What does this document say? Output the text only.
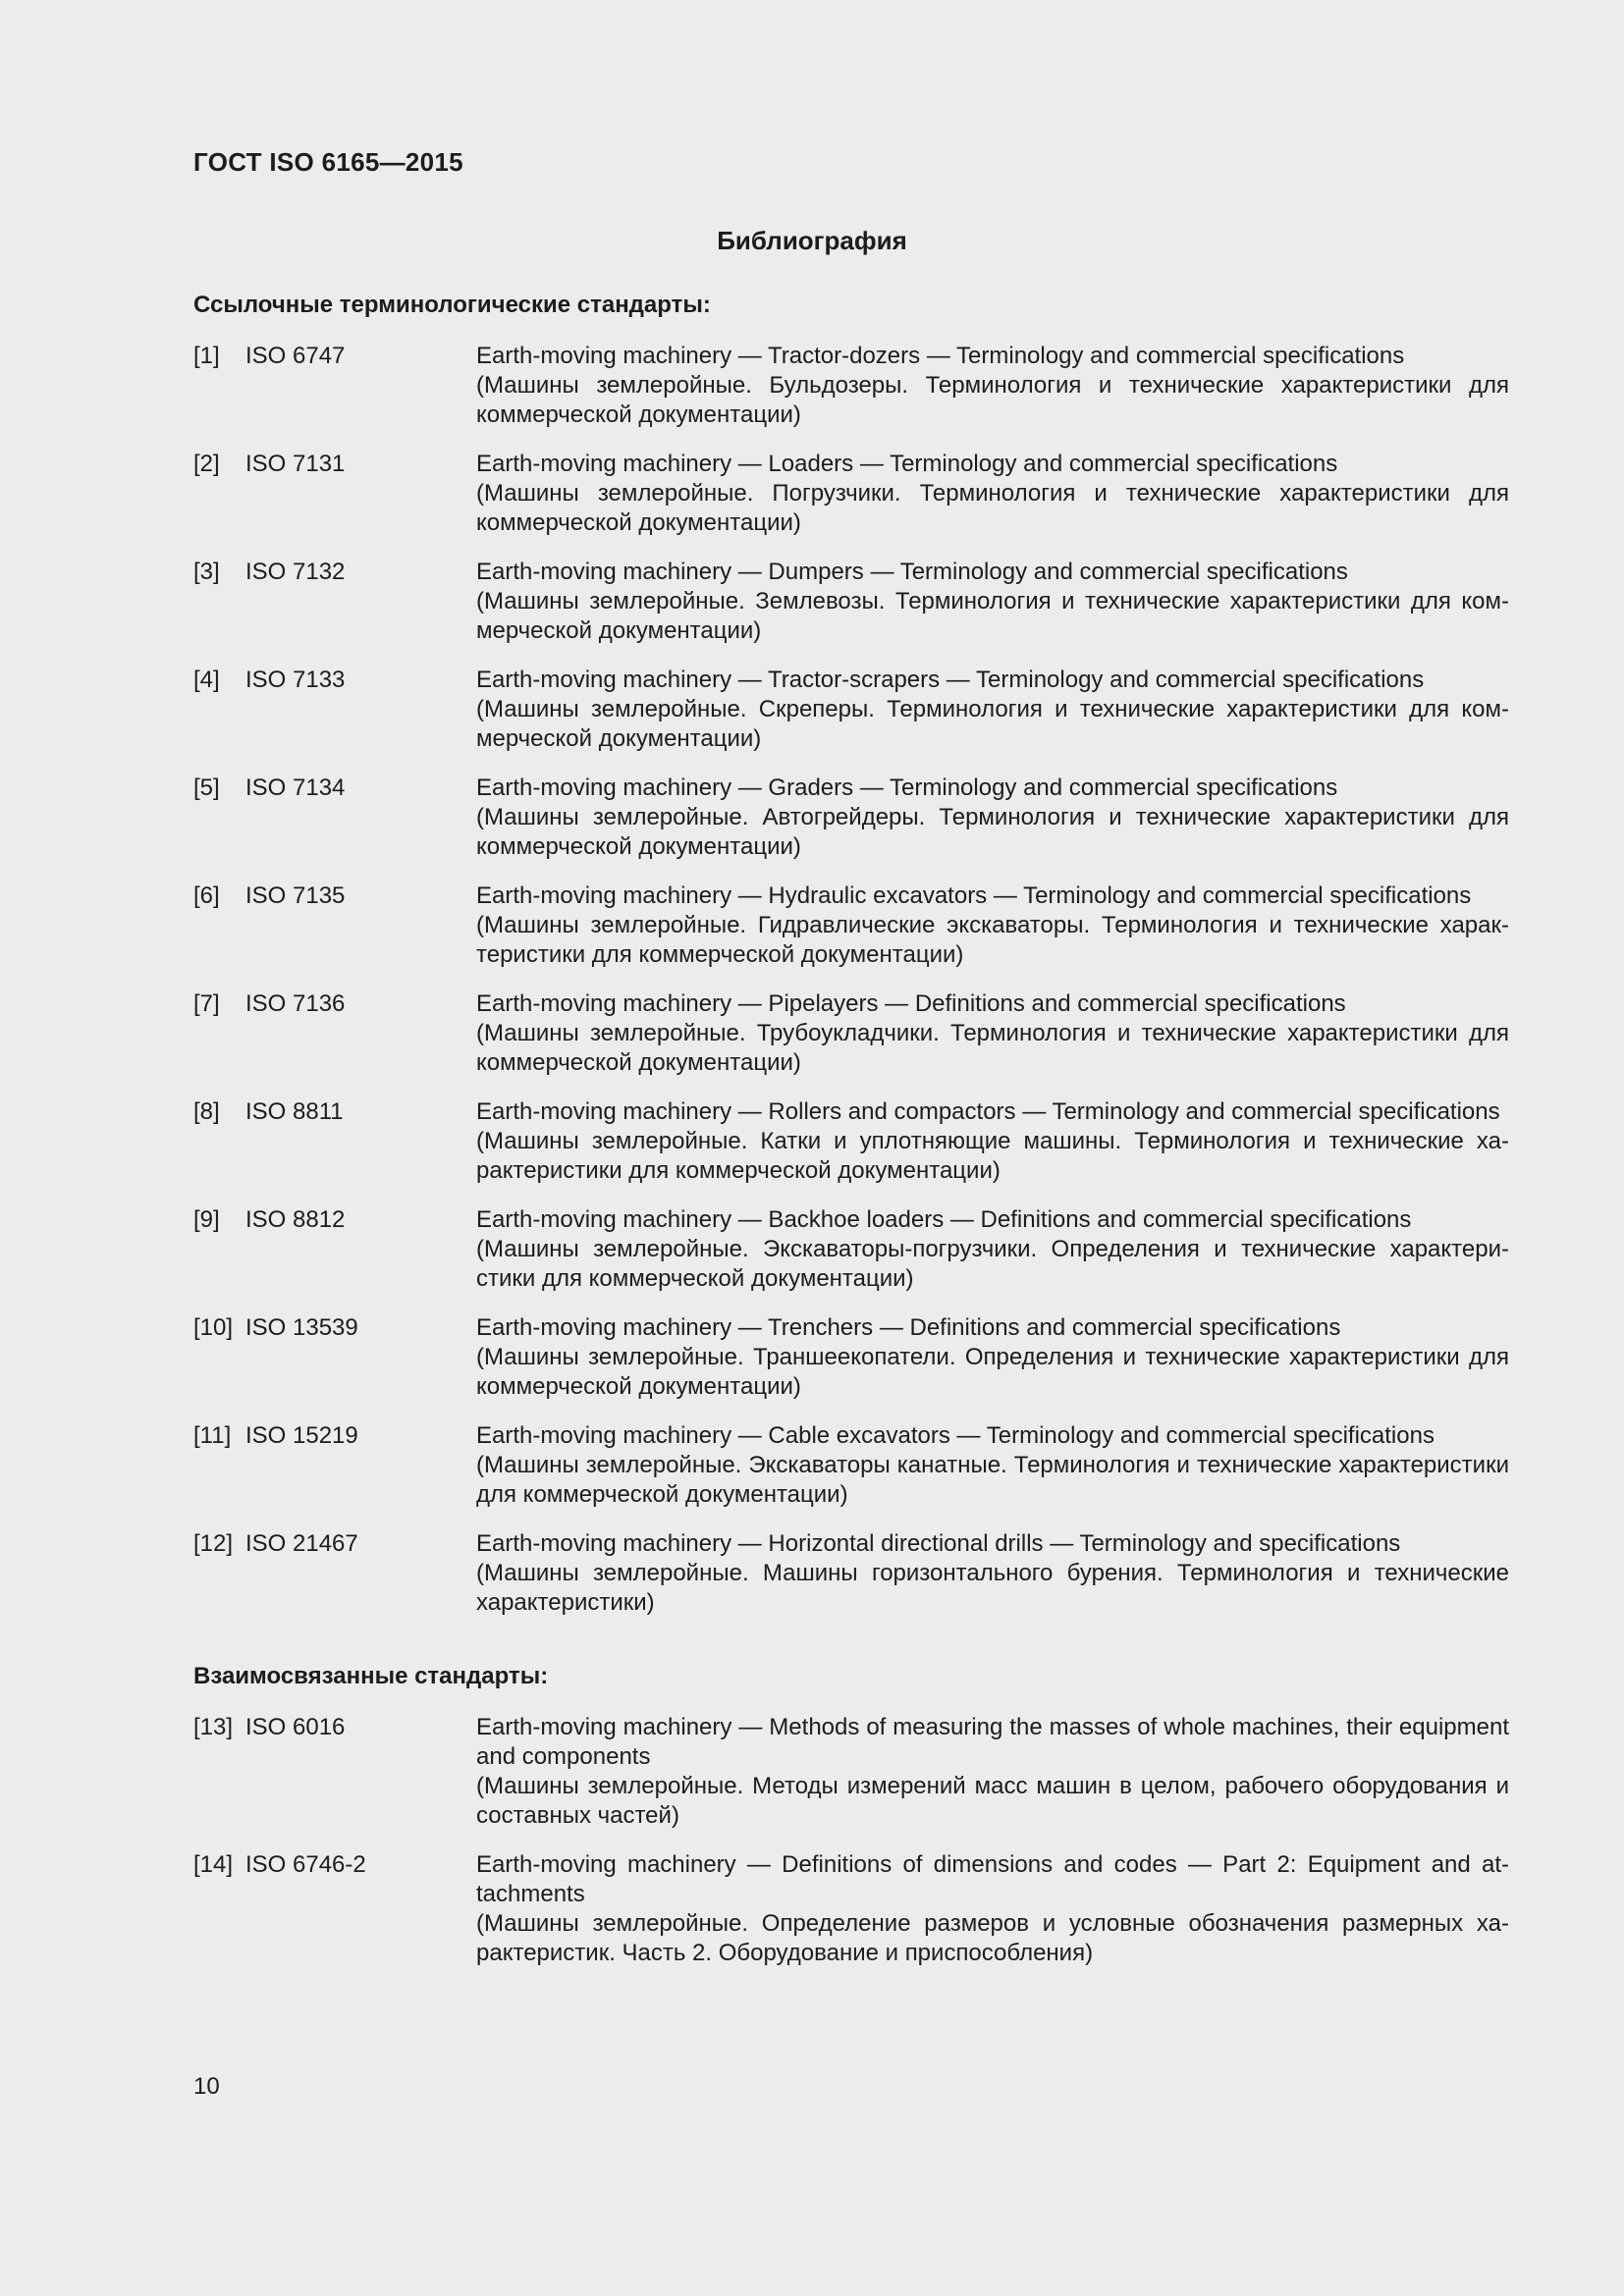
ГОСТ ISO 6165—2015
Библиография
Ссылочные терминологические стандарты:
[1] ISO 6747	Earth-moving machinery — Tractor-dozers — Terminology and commercial specifications
(Машины землеройные. Бульдозеры. Терминология и технические характеристики для коммерческой документации)
[2] ISO 7131	Earth-moving machinery — Loaders — Terminology and commercial specifications
(Машины землеройные. Погрузчики. Терминология и технические характеристики для коммерческой документации)
[3] ISO 7132	Earth-moving machinery — Dumpers — Terminology and commercial specifications
(Машины землеройные. Землевозы. Терминология и технические характеристики для коммерческой документации)
[4] ISO 7133	Earth-moving machinery — Tractor-scrapers — Terminology and commercial specifications
(Машины землеройные. Скреперы. Терминология и технические характеристики для коммерческой документации)
[5] ISO 7134	Earth-moving machinery — Graders — Terminology and commercial specifications
(Машины землеройные. Автогрейдеры. Терминология и технические характеристики для коммерческой документации)
[6] ISO 7135	Earth-moving machinery — Hydraulic excavators — Terminology and commercial specifications
(Машины землеройные. Гидравлические экскаваторы. Терминология и технические характеристики для коммерческой документации)
[7] ISO 7136	Earth-moving machinery — Pipelayers — Definitions and commercial specifications
(Машины землеройные. Трубоукладчики. Терминология и технические характеристики для коммерческой документации)
[8] ISO 8811	Earth-moving machinery — Rollers and compactors — Terminology and commercial specifications
(Машины землеройные. Катки и уплотняющие машины. Терминология и технические характеристики для коммерческой документации)
[9] ISO 8812	Earth-moving machinery — Backhoe loaders — Definitions and commercial specifications
(Машины землеройные. Экскаваторы-погрузчики. Определения и технические характеристики для коммерческой документации)
[10] ISO 13539	Earth-moving machinery — Trenchers — Definitions and commercial specifications
(Машины землеройные. Траншеекопатели. Определения и технические характеристики для коммерческой документации)
[11] ISO 15219	Earth-moving machinery — Cable excavators — Terminology and commercial specifications
(Машины землеройные. Экскаваторы канатные. Терминология и технические характеристики для коммерческой документации)
[12] ISO 21467	Earth-moving machinery — Horizontal directional drills — Terminology and specifications
(Машины землеройные. Машины горизонтального бурения. Терминология и технические характеристики)
Взаимосвязанные стандарты:
[13] ISO 6016	Earth-moving machinery — Methods of measuring the masses of whole machines, their equipment and components
(Машины землеройные. Методы измерений масс машин в целом, рабочего оборудования и составных частей)
[14] ISO 6746-2	Earth-moving machinery — Definitions of dimensions and codes — Part 2: Equipment and attachments
(Машины землеройные. Определение размеров и условные обозначения размерных характеристик. Часть 2. Оборудование и приспособления)
10
